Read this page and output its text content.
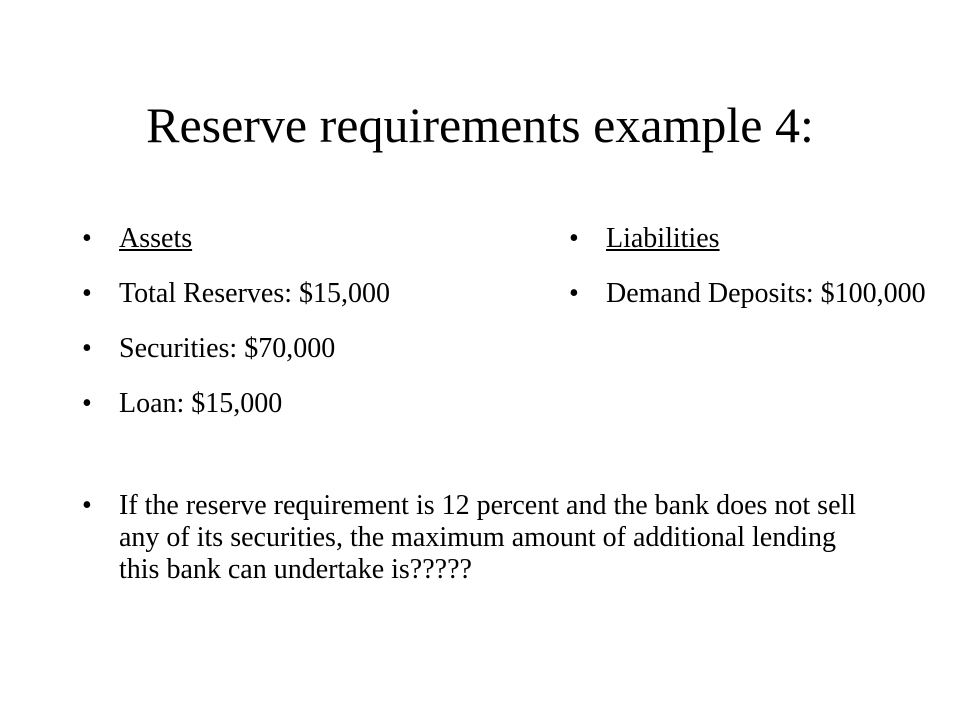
Reserve requirements example 4:
• Assets
• Total Reserves: $15,000
• Securities: $70,000
• Loan: $15,000
• Liabilities
• Demand Deposits: $100,000
• If the reserve requirement is 12 percent and the bank does not sell any of its securities, the maximum amount of additional lending this bank can undertake is?????
